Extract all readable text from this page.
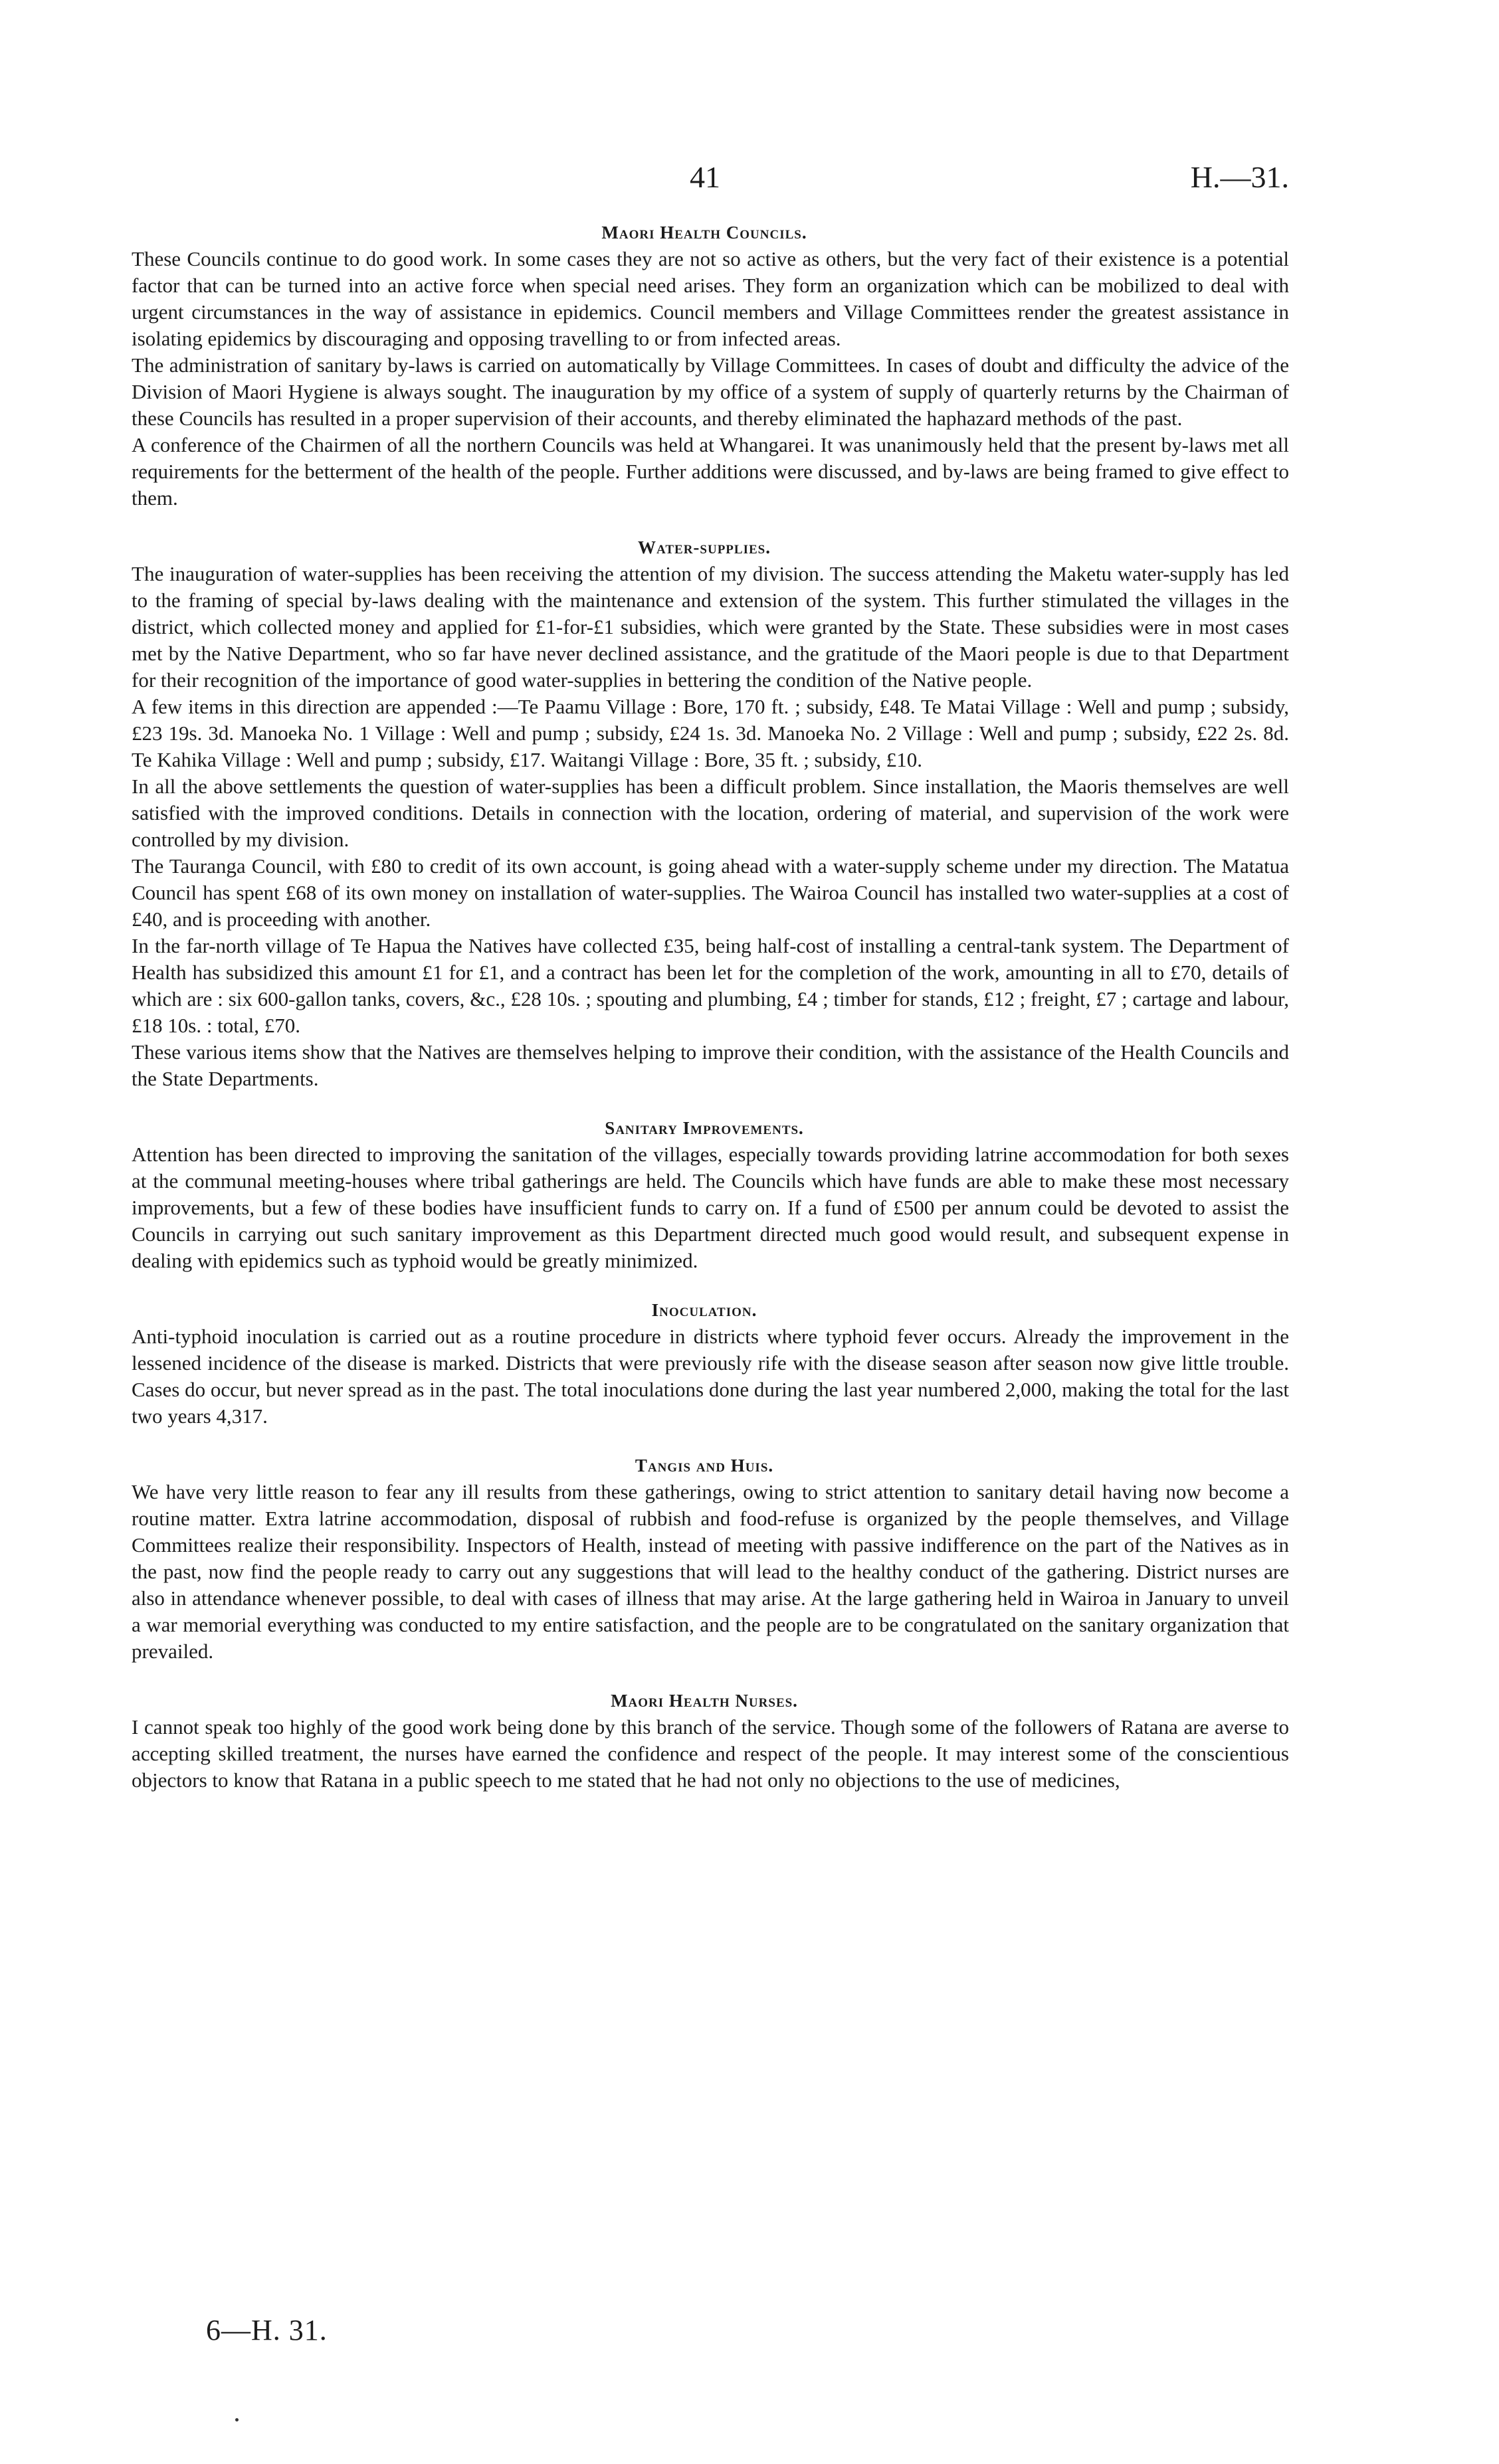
41	H.—31.
Maori Health Councils.

These Councils continue to do good work. In some cases they are not so active as others, but the very fact of their existence is a potential factor that can be turned into an active force when special need arises. They form an organization which can be mobilized to deal with urgent circumstances in the way of assistance in epidemics. Council members and Village Committees render the greatest assistance in isolating epidemics by discouraging and opposing travelling to or from infected areas.

The administration of sanitary by-laws is carried on automatically by Village Committees. In cases of doubt and difficulty the advice of the Division of Maori Hygiene is always sought. The inauguration by my office of a system of supply of quarterly returns by the Chairman of these Councils has resulted in a proper supervision of their accounts, and thereby eliminated the haphazard methods of the past.

A conference of the Chairmen of all the northern Councils was held at Whangarei. It was unanimously held that the present by-laws met all requirements for the betterment of the health of the people. Further additions were discussed, and by-laws are being framed to give effect to them.

Water-supplies.

The inauguration of water-supplies has been receiving the attention of my division. The success attending the Maketu water-supply has led to the framing of special by-laws dealing with the maintenance and extension of the system. This further stimulated the villages in the district, which collected money and applied for £1-for-£1 subsidies, which were granted by the State. These subsidies were in most cases met by the Native Department, who so far have never declined assistance, and the gratitude of the Maori people is due to that Department for their recognition of the importance of good water-supplies in bettering the condition of the Native people.

A few items in this direction are appended :—Te Paamu Village : Bore, 170 ft. ; subsidy, £48. Te Matai Village : Well and pump ; subsidy, £23 19s. 3d. Manoeka No. 1 Village : Well and pump ; subsidy, £24 1s. 3d. Manoeka No. 2 Village : Well and pump ; subsidy, £22 2s. 8d. Te Kahika Village : Well and pump ; subsidy, £17. Waitangi Village : Bore, 35 ft. ; subsidy, £10.

In all the above settlements the question of water-supplies has been a difficult problem. Since installation, the Maoris themselves are well satisfied with the improved conditions. Details in connection with the location, ordering of material, and supervision of the work were controlled by my division.

The Tauranga Council, with £80 to credit of its own account, is going ahead with a water-supply scheme under my direction. The Matatua Council has spent £68 of its own money on installation of water-supplies. The Wairoa Council has installed two water-supplies at a cost of £40, and is proceeding with another.

In the far-north village of Te Hapua the Natives have collected £35, being half-cost of installing a central-tank system. The Department of Health has subsidized this amount £1 for £1, and a contract has been let for the completion of the work, amounting in all to £70, details of which are : six 600-gallon tanks, covers, &c., £28 10s. ; spouting and plumbing, £4 ; timber for stands, £12 ; freight, £7 ; cartage and labour, £18 10s. : total, £70.

These various items show that the Natives are themselves helping to improve their condition, with the assistance of the Health Councils and the State Departments.

Sanitary Improvements.

Attention has been directed to improving the sanitation of the villages, especially towards providing latrine accommodation for both sexes at the communal meeting-houses where tribal gatherings are held. The Councils which have funds are able to make these most necessary improvements, but a few of these bodies have insufficient funds to carry on. If a fund of £500 per annum could be devoted to assist the Councils in carrying out such sanitary improvement as this Department directed much good would result, and subsequent expense in dealing with epidemics such as typhoid would be greatly minimized.

Inoculation.

Anti-typhoid inoculation is carried out as a routine procedure in districts where typhoid fever occurs. Already the improvement in the lessened incidence of the disease is marked. Districts that were previously rife with the disease season after season now give little trouble. Cases do occur, but never spread as in the past. The total inoculations done during the last year numbered 2,000, making the total for the last two years 4,317.

Tangis and Huis.

We have very little reason to fear any ill results from these gatherings, owing to strict attention to sanitary detail having now become a routine matter. Extra latrine accommodation, disposal of rubbish and food-refuse is organized by the people themselves, and Village Committees realize their responsibility. Inspectors of Health, instead of meeting with passive indifference on the part of the Natives as in the past, now find the people ready to carry out any suggestions that will lead to the healthy conduct of the gathering. District nurses are also in attendance whenever possible, to deal with cases of illness that may arise. At the large gathering held in Wairoa in January to unveil a war memorial everything was conducted to my entire satisfaction, and the people are to be congratulated on the sanitary organization that prevailed.

Maori Health Nurses.

I cannot speak too highly of the good work being done by this branch of the service. Though some of the followers of Ratana are averse to accepting skilled treatment, the nurses have earned the confidence and respect of the people. It may interest some of the conscientious objectors to know that Ratana in a public speech to me stated that he had not only no objections to the use of medicines,

6—H. 31.
